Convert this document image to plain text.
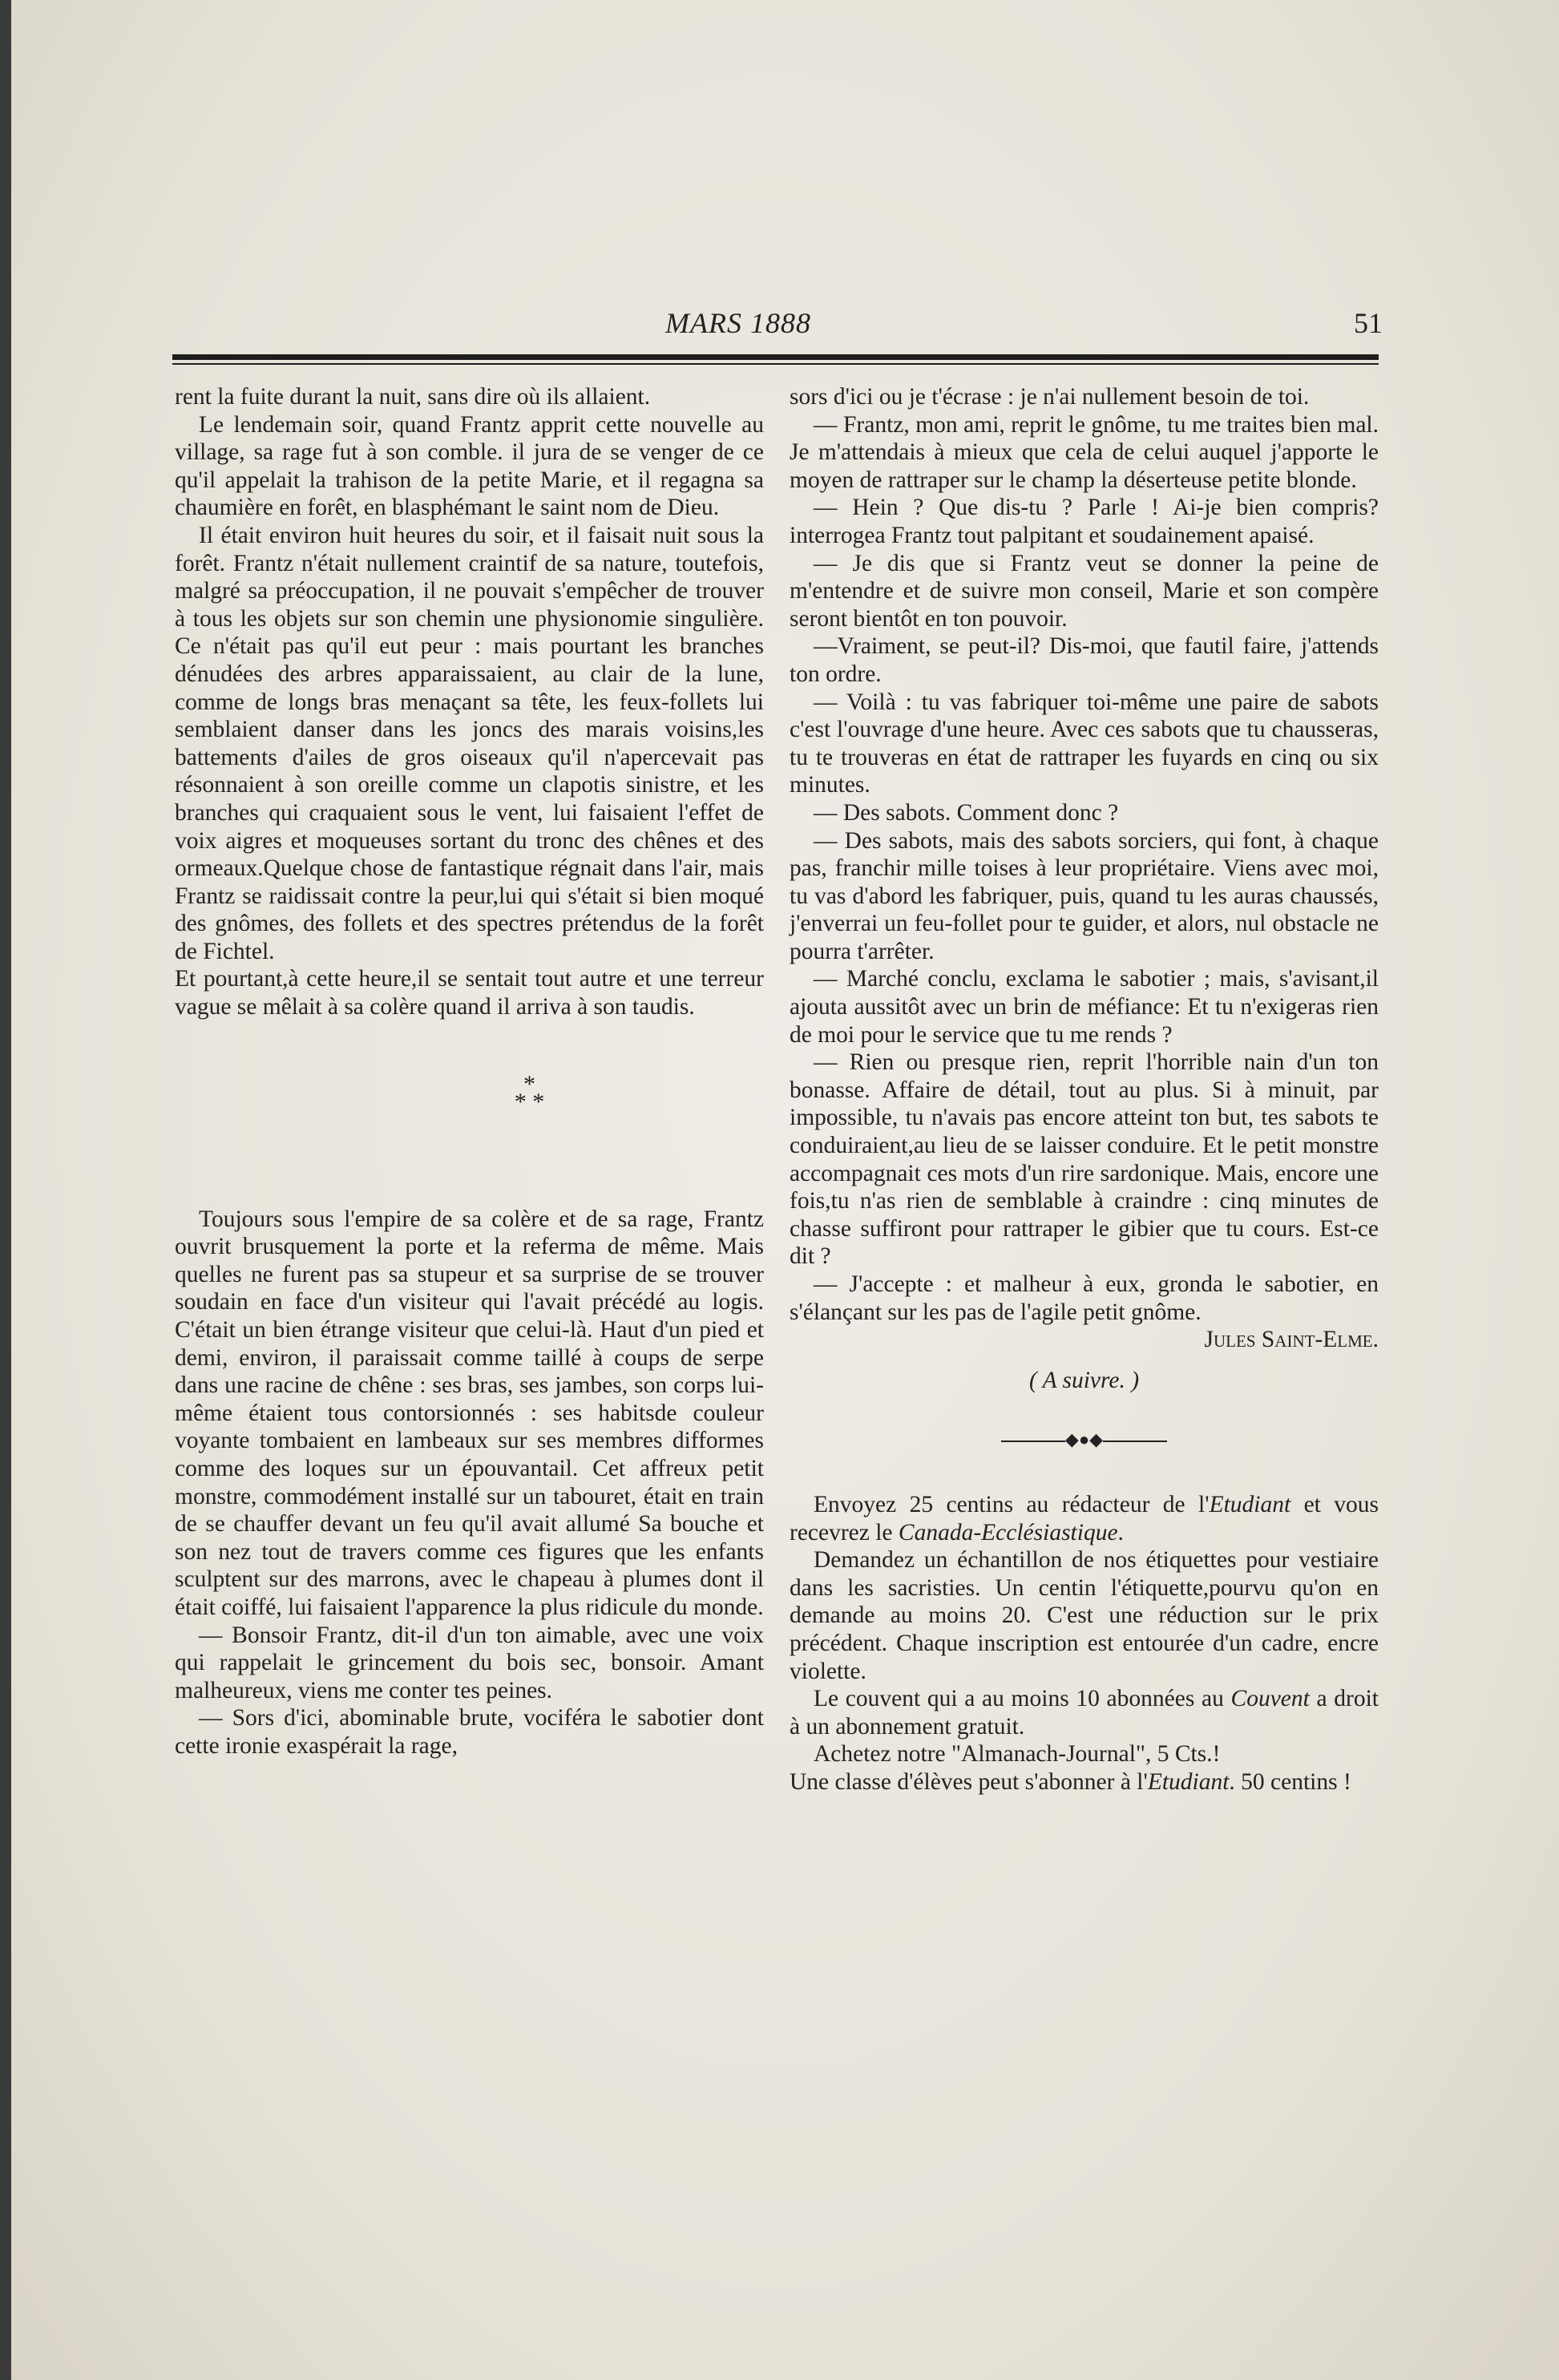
MARS 1888	51

rent la fuite durant la nuit, sans dire où ils allaient.

Le lendemain soir, quand Frantz apprit cette nouvelle au village, sa rage fut à son comble. il jura de se venger de ce qu'il appelait la trahison de la petite Marie, et il regagna sa chaumière en forêt, en blasphémant le saint nom de Dieu.

Il était environ huit heures du soir, et il faisait nuit sous la forêt. Frantz n'était nullement craintif de sa nature, toutefois, malgré sa préoccupation, il ne pouvait s'empêcher de trouver à tous les objets sur son chemin une physionomie singulière. Ce n'était pas qu'il eut peur : mais pourtant les branches dénudées des arbres apparaissaient, au clair de la lune, comme de longs bras menaçant sa tête, les feux-follets lui semblaient danser dans les joncs des marais voisins,les battements d'ailes de gros oiseaux qu'il n'apercevait pas résonnaient à son oreille comme un clapotis sinistre, et les branches qui craquaient sous le vent, lui faisaient l'effet de voix aigres et moqueuses sortant du tronc des chênes et des ormeaux.Quelque chose de fantastique régnait dans l'air, mais Frantz se raidissait contre la peur,lui qui s'était si bien moqué des gnômes, des follets et des spectres prétendus de la forêt de Fichtel.

Et pourtant,à cette heure,il se sentait tout autre et une terreur vague se mêlait à sa colère quand il arriva à son taudis.

*
* *

Toujours sous l'empire de sa colère et de sa rage, Frantz ouvrit brusquement la porte et la referma de même. Mais quelles ne furent pas sa stupeur et sa surprise de se trouver soudain en face d'un visiteur qui l'avait précédé au logis. C'était un bien étrange visiteur que celui-là. Haut d'un pied et demi, environ, il paraissait comme taillé à coups de serpe dans une racine de chêne : ses bras, ses jambes, son corps lui-même étaient tous contorsionnés : ses habitsde couleur voyante tombaient en lambeaux sur ses membres difformes comme des loques sur un épouvantail. Cet affreux petit monstre, commodément installé sur un tabouret, était en train de se chauffer devant un feu qu'il avait allumé Sa bouche et son nez tout de travers comme ces figures que les enfants sculptent sur des marrons, avec le chapeau à plumes dont il était coiffé, lui faisaient l'apparence la plus ridicule du monde.

— Bonsoir Frantz, dit-il d'un ton aimable, avec une voix qui rappelait le grincement du bois sec, bonsoir. Amant malheureux, viens me conter tes peines.

— Sors d'ici, abominable brute, vociféra le sabotier dont cette ironie exaspérait la rage,

sors d'ici ou je t'écrase : je n'ai nullement besoin de toi.

— Frantz, mon ami, reprit le gnôme, tu me traites bien mal. Je m'attendais à mieux que cela de celui auquel j'apporte le moyen de rattraper sur le champ la déserteuse petite blonde.

— Hein ? Que dis-tu ? Parle ! Ai-je bien compris? interrogea Frantz tout palpitant et soudainement apaisé.

— Je dis que si Frantz veut se donner la peine de m'entendre et de suivre mon conseil, Marie et son compère seront bientôt en ton pouvoir.

—Vraiment, se peut-il? Dis-moi, que fautil faire, j'attends ton ordre.

— Voilà : tu vas fabriquer toi-même une paire de sabots c'est l'ouvrage d'une heure. Avec ces sabots que tu chausseras, tu te trouveras en état de rattraper les fuyards en cinq ou six minutes.

— Des sabots. Comment donc ?

— Des sabots, mais des sabots sorciers, qui font, à chaque pas, franchir mille toises à leur propriétaire. Viens avec moi, tu vas d'abord les fabriquer, puis, quand tu les auras chaussés, j'enverrai un feu-follet pour te guider, et alors, nul obstacle ne pourra t'arrêter.

— Marché conclu, exclama le sabotier ; mais, s'avisant,il ajouta aussitôt avec un brin de méfiance: Et tu n'exigeras rien de moi pour le service que tu me rends ?

— Rien ou presque rien, reprit l'horrible nain d'un ton bonasse. Affaire de détail, tout au plus. Si à minuit, par impossible, tu n'avais pas encore atteint ton but, tes sabots te conduiraient,au lieu de se laisser conduire. Et le petit monstre accompagnait ces mots d'un rire sardonique. Mais, encore une fois,tu n'as rien de semblable à craindre : cinq minutes de chasse suffiront pour rattraper le gibier que tu cours. Est-ce dit ?

— J'accepte : et malheur à eux, gronda le sabotier, en s'élançant sur les pas de l'agile petit gnôme.

Jules Saint-Elme.
( A suivre. )
◆●◆

Envoyez 25 centins au rédacteur de l'Etudiant et vous recevrez le Canada-Ecclésiastique.

Demandez un échantillon de nos étiquettes pour vestiaire dans les sacristies. Un centin l'étiquette,pourvu qu'on en demande au moins 20. C'est une réduction sur le prix précédent. Chaque inscription est entourée d'un cadre, encre violette.

Le couvent qui a au moins 10 abonnées au Couvent a droit à un abonnement gratuit.

Achetez notre "Almanach-Journal", 5 Cts.!

Une classe d'élèves peut s'abonner à l'Etudiant. 50 centins !
